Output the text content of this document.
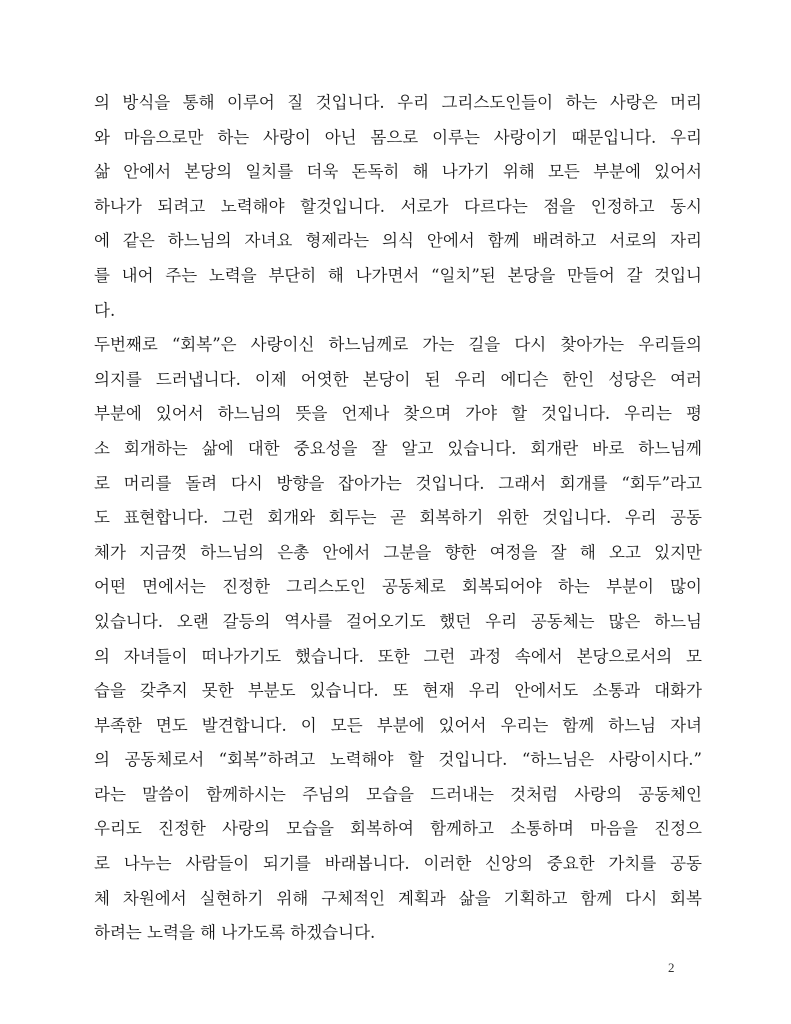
의 방식을 통해 이루어 질 것입니다. 우리 그리스도인들이 하는 사랑은 머리
와 마음으로만 하는 사랑이 아닌 몸으로 이루는 사랑이기 때문입니다. 우리
삶 안에서 본당의 일치를 더욱 돈독히 해 나가기 위해 모든 부분에 있어서
하나가 되려고 노력해야 할것입니다. 서로가 다르다는 점을 인정하고 동시
에 같은 하느님의 자녀요 형제라는 의식 안에서 함께 배려하고 서로의 자리
를 내어 주는 노력을 부단히 해 나가면서 “일치”된 본당을 만들어 갈 것입니
다.
두번째로 “회복”은 사랑이신 하느님께로 가는 길을 다시 찾아가는 우리들의
의지를 드러냅니다. 이제 어엿한 본당이 된 우리 에디슨 한인 성당은 여러
부분에 있어서 하느님의 뜻을 언제나 찾으며 가야 할 것입니다. 우리는 평
소 회개하는 삶에 대한 중요성을 잘 알고 있습니다. 회개란 바로 하느님께
로 머리를 돌려 다시 방향을 잡아가는 것입니다. 그래서 회개를 “회두”라고
도 표현합니다. 그런 회개와 회두는 곧 회복하기 위한 것입니다. 우리 공동
체가 지금껏 하느님의 은총 안에서 그분을 향한 여정을 잘 해 오고 있지만
어떤 면에서는 진정한 그리스도인 공동체로 회복되어야 하는 부분이 많이
있습니다. 오랜 갈등의 역사를 걸어오기도 했던 우리 공동체는 많은 하느님
의 자녀들이 떠나가기도 했습니다. 또한 그런 과정 속에서 본당으로서의 모
습을 갖추지 못한 부분도 있습니다. 또 현재 우리 안에서도 소통과 대화가
부족한 면도 발견합니다. 이 모든 부분에 있어서 우리는 함께 하느님 자녀
의 공동체로서 “회복”하려고 노력해야 할 것입니다. “하느님은 사랑이시다.”
라는 말씀이 함께하시는 주님의 모습을 드러내는 것처럼 사랑의 공동체인
우리도 진정한 사랑의 모습을 회복하여 함께하고 소통하며 마음을 진정으
로 나누는 사람들이 되기를 바래봅니다. 이러한 신앙의 중요한 가치를 공동
체 차원에서 실현하기 위해 구체적인 계획과 삶을 기획하고 함께 다시 회복
하려는 노력을 해 나가도록 하겠습니다.
2
